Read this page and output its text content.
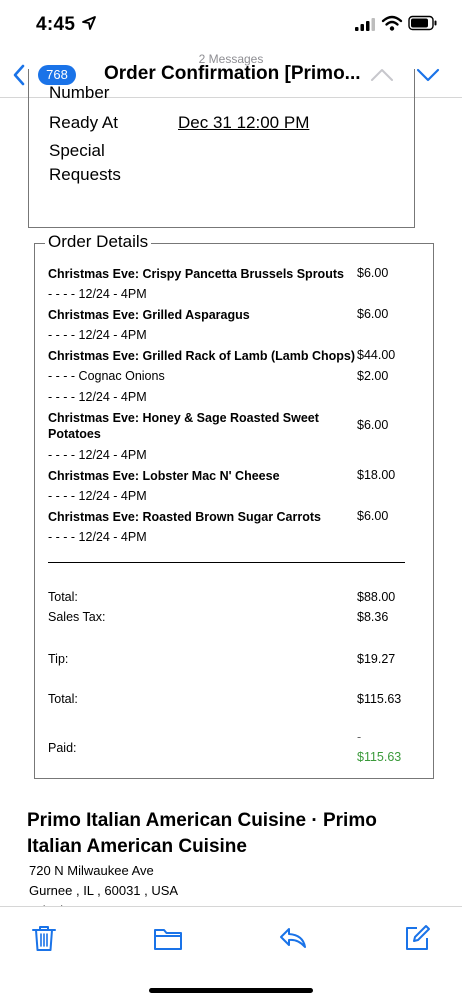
4:45
2 Messages
768	Order Confirmation [Primo...
Number
Ready At	Dec 31 12:00 PM
Special
Requests
Order Details
Christmas Eve: Crispy Pancetta Brussels Sprouts	$6.00
- - - - 12/24 - 4PM
Christmas Eve: Grilled Asparagus	$6.00
- - - - 12/24 - 4PM
Christmas Eve: Grilled Rack of Lamb (Lamb Chops) $44.00
- - - - Cognac Onions	$2.00
- - - - 12/24 - 4PM
Christmas Eve: Honey & Sage Roasted Sweet Potatoes
$6.00
- - - - 12/24 - 4PM
Christmas Eve: Lobster Mac N' Cheese	$18.00
- - - - 12/24 - 4PM
Christmas Eve: Roasted Brown Sugar Carrots	$6.00
- - - - 12/24 - 4PM
Total:	$88.00
Sales Tax:	$8.36
Tip:	$19.27
Total:	$115.63
Paid:
-
$115.63
Primo Italian American Cuisine · Primo Italian American Cuisine
720 N Milwaukee Ave
Gurnee , IL , 60031 , USA
